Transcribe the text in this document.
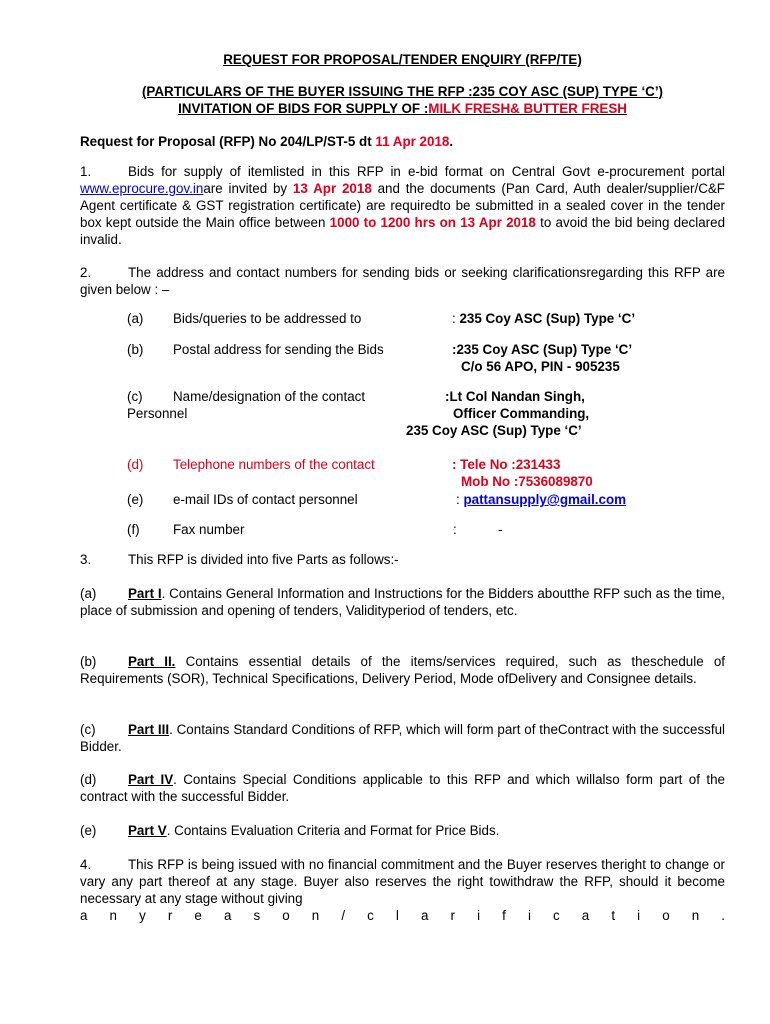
REQUEST FOR PROPOSAL/TENDER ENQUIRY (RFP/TE)
(PARTICULARS OF THE BUYER ISSUING THE RFP :235 COY ASC (SUP) TYPE ‘C’)
INVITATION OF BIDS FOR SUPPLY OF :MILK FRESH& BUTTER FRESH
Request for Proposal (RFP) No 204/LP/ST-5 dt 11 Apr 2018.
1.	Bids for supply of itemlisted in this RFP in e-bid format on Central Govt e-procurement portal www.eprocure.gov.inare invited by 13 Apr 2018 and the documents (Pan Card, Auth dealer/supplier/C&F Agent certificate & GST registration certificate) are requiredto be submitted in a sealed cover in the tender box kept outside the Main office between 1000 to 1200 hrs on 13 Apr 2018 to avoid the bid being declared invalid.
2.	The address and contact numbers for sending bids or seeking clarificationsregarding this RFP are given below : –
(a) Bids/queries to be addressed to	: 235 Coy ASC (Sup) Type ‘C’
(b) Postal address for sending the Bids	:235 Coy ASC (Sup) Type ‘C’
C/o 56 APO, PIN - 905235
(c) Name/designation of the contact
Personnel
:Lt Col Nandan Singh,
Officer Commanding,
235 Coy ASC (Sup) Type ‘C’
(d) Telephone numbers of the contact	: Tele No :231433
Mob No :7536089870
(e) e-mail IDs of contact personnel	: pattansupply@gmail.com
(f) Fax number	:	-
3.	This RFP is divided into five Parts as follows:-
(a) Part I. Contains General Information and Instructions for the Bidders aboutthe RFP such as the time, place of submission and opening of tenders, Validityperiod of tenders, etc.
(b) Part II. Contains essential details of the items/services required, such as theschedule of Requirements (SOR), Technical Specifications, Delivery Period, Mode ofDelivery and Consignee details.
(c) Part III. Contains Standard Conditions of RFP, which will form part of theContract with the successful Bidder.
(d) Part IV. Contains Special Conditions applicable to this RFP and which willalso form part of the contract with the successful Bidder.
(e) Part V. Contains Evaluation Criteria and Format for Price Bids.
4.	This RFP is being issued with no financial commitment and the Buyer reserves theright to change or vary any part thereof at any stage. Buyer also reserves the right towithdraw the RFP, should it become necessary at any stage without giving
a n y r e a s o n / c l a r i f i c a t i o n .
